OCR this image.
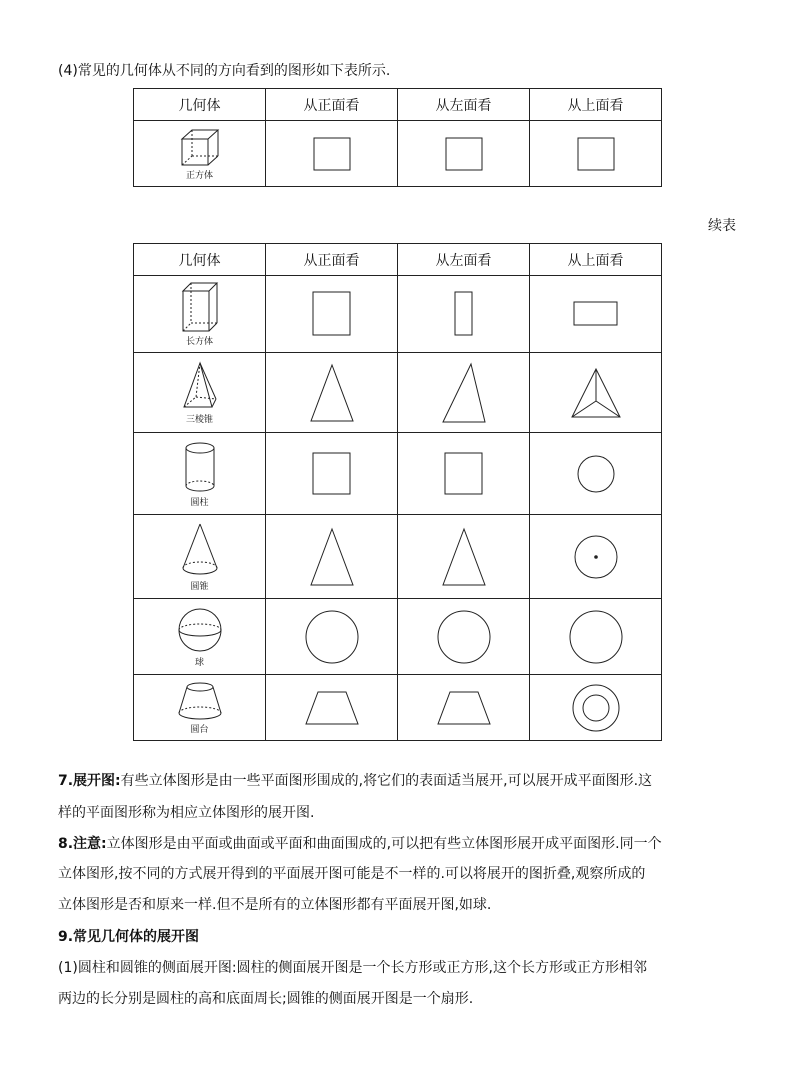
(4)常见的几何体从不同的方向看到的图形如下表所示.
几何体	从正面看	从左面看	从上面看

正方体

续表
几何体	从正面看	从左面看	从上面看

长方体

三棱锥

圆柱

圆锥

球

圆台

7.展开图:有些立体图形是由一些平面图形围成的,将它们的表面适当展开,可以展开成平面图形.这
样的平面图形称为相应立体图形的展开图.
8.注意:立体图形是由平面或曲面或平面和曲面围成的,可以把有些立体图形展开成平面图形.同一个
立体图形,按不同的方式展开得到的平面展开图可能是不一样的.可以将展开的图折叠,观察所成的
立体图形是否和原来一样.但不是所有的立体图形都有平面展开图,如球.
9.常见几何体的展开图
(1)圆柱和圆锥的侧面展开图:圆柱的侧面展开图是一个长方形或正方形,这个长方形或正方形相邻
两边的长分别是圆柱的高和底面周长;圆锥的侧面展开图是一个扇形.
